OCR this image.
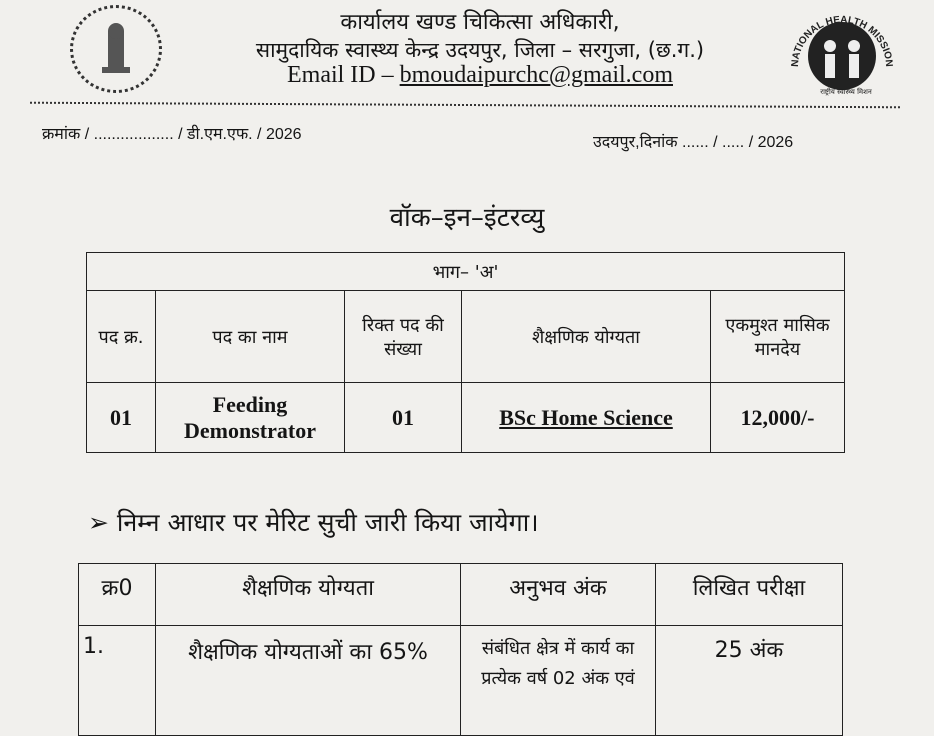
NATIONAL HEALTH MISSION
राष्ट्रीय स्वास्थ्य मिशन
कार्यालय खण्ड चिकित्सा अधिकारी,
सामुदायिक स्वास्थ्य केन्द्र उदयपुर, जिला – सरगुजा, (छ.ग.)
Email ID – bmoudaipurchc@gmail.com
क्रमांक / .................. / डी.एम.एफ. / 2026	उदयपुर,दिनांक ...... / ..... / 2026
वॉक–इन–इंटरव्यु
भाग– 'अ'				
पद क्र.	पद का नाम	रिक्त पद की संख्या	शैक्षणिक योग्यता	एकमुश्त मासिक मानदेय
01	Feeding Demonstrator	01	BSc Home Science	12,000/-
➢ निम्न आधार पर मेरिट सुची जारी किया जायेगा।
क्र0	शैक्षणिक योग्यता	अनुभव अंक	लिखित परीक्षा
1.	शैक्षणिक योग्यताओं का 65%	संबंधित क्षेत्र में कार्य का प्रत्येक वर्ष 02 अंक एवं	25 अंक
